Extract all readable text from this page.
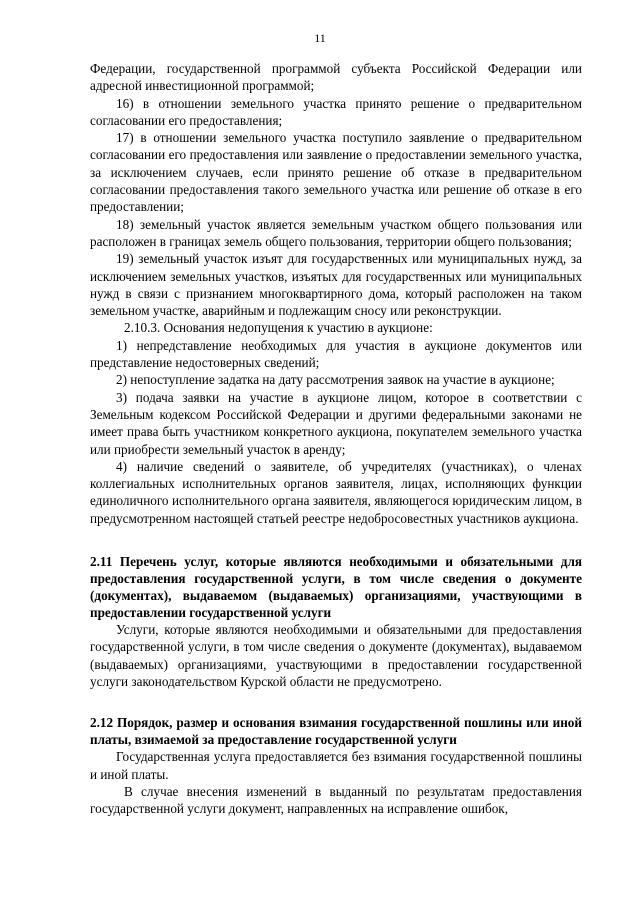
11

Федерации, государственной программой субъекта Российской Федерации или адресной инвестиционной программой;

16) в отношении земельного участка принято решение о предварительном согласовании его предоставления;

17) в отношении земельного участка поступило заявление о предварительном согласовании его предоставления или заявление о предоставлении земельного участка, за исключением случаев, если принято решение об отказе в предварительном согласовании предоставления такого земельного участка или решение об отказе в его предоставлении;

18) земельный участок является земельным участком общего пользования или расположен в границах земель общего пользования, территории общего пользования;

19) земельный участок изъят для государственных или муниципальных нужд, за исключением земельных участков, изъятых для государственных или муниципальных нужд в связи с признанием многоквартирного дома, который расположен на таком земельном участке, аварийным и подлежащим сносу или реконструкции.

2.10.3. Основания недопущения к участию в аукционе:

1) непредставление необходимых для участия в аукционе документов или представление недостоверных сведений;

2) непоступление задатка на дату рассмотрения заявок на участие в аукционе;

3) подача заявки на участие в аукционе лицом, которое в соответствии с Земельным кодексом Российской Федерации и другими федеральными законами не имеет права быть участником конкретного аукциона, покупателем земельного участка или приобрести земельный участок в аренду;

4) наличие сведений о заявителе, об учредителях (участниках), о членах коллегиальных исполнительных органов заявителя, лицах, исполняющих функции единоличного исполнительного органа заявителя, являющегося юридическим лицом, в предусмотренном настоящей статьей реестре недобросовестных участников аукциона.

2.11 Перечень услуг, которые являются необходимыми и обязательными для предоставления государственной услуги, в том числе сведения о документе (документах), выдаваемом (выдаваемых) организациями, участвующими в предоставлении государственной услуги

Услуги, которые являются необходимыми и обязательными для предоставления государственной услуги, в том числе сведения о документе (документах), выдаваемом (выдаваемых) организациями, участвующими в предоставлении государственной услуги законодательством Курской области не предусмотрено.

2.12 Порядок, размер и основания взимания государственной пошлины или иной платы, взимаемой за предоставление государственной услуги

Государственная услуга предоставляется без взимания государственной пошлины и иной платы.

В случае внесения изменений в выданный по результатам предоставления государственной услуги документ, направленных на исправление ошибок,
